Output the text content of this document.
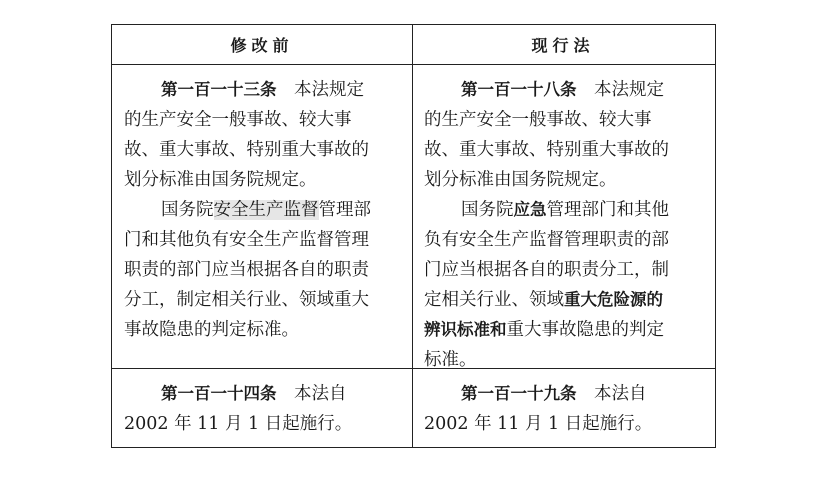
修改前	现行法
第一百一十三条　 本法规定
的生产安全一般事故、较大事
故、重大事故、特别重大事故的
划分标准由国务院规定。
国务院安全生产监督管理部
门和其他负有安全生产监督管理
职责的部门应当根据各自的职责
分工，制定相关行业、领域重大
事故隐患的判定标准。
第一百一十八条　 本法规定
的生产安全一般事故、较大事
故、重大事故、特别重大事故的
划分标准由国务院规定。
国务院应急管理部门和其他
负有安全生产监督管理职责的部
门应当根据各自的职责分工，制
定相关行业、领域重大危险源的
辨识标准和重大事故隐患的判定
标准。
第一百一十四条　 本法自
2002 年 11 月 1 日起施行。
第一百一十九条　 本法自
2002 年 11 月 1 日起施行。
